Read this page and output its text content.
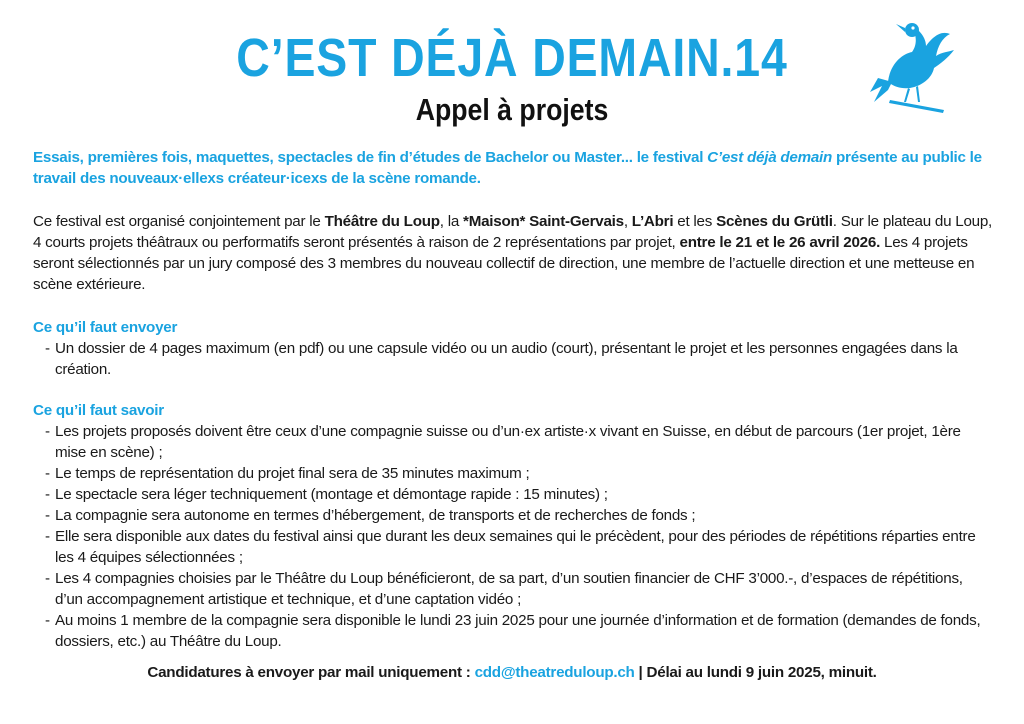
C’EST DÉJÀ DEMAIN.14
Appel à projets

Essais, premières fois, maquettes, spectacles de fin d’études de Bachelor ou Master... le festival C’est déjà demain présente au public le travail des nouveaux·ellexs créateur·icexs de la scène romande.

Ce festival est organisé conjointement par le Théâtre du Loup, la *Maison* Saint-Gervais, L’Abri et les Scènes du Grütli. Sur le plateau du Loup, 4 courts projets théâtraux ou performatifs seront présentés à raison de 2 représentations par projet, entre le 21 et le 26 avril 2026. Les 4 projets seront sélectionnés par un jury composé des 3 membres du nouveau collectif de direction, une membre de l’actuelle direction et une metteuse en scène extérieure.

Ce qu’il faut envoyer

- Un dossier de 4 pages maximum (en pdf) ou une capsule vidéo ou un audio (court), présentant le projet et les personnes engagées dans la création.

Ce qu’il faut savoir

- Les projets proposés doivent être ceux d’une compagnie suisse ou d’un·ex artiste·x vivant en Suisse, en début de parcours (1er projet, 1ère mise en scène) ;
- Le temps de représentation du projet final sera de 35 minutes maximum ;
- Le spectacle sera léger techniquement (montage et démontage rapide : 15 minutes) ;
- La compagnie sera autonome en termes d’hébergement, de transports et de recherches de fonds ;
- Elle sera disponible aux dates du festival ainsi que durant les deux semaines qui le précèdent, pour des périodes de répétitions réparties entre les 4 équipes sélectionnées ;
- Les 4 compagnies choisies par le Théâtre du Loup bénéficieront, de sa part, d’un soutien financier de CHF 3’000.-, d’espaces de répétitions, d’un accompagnement artistique et technique, et d’une captation vidéo ;
- Au moins 1 membre de la compagnie sera disponible le lundi 23 juin 2025 pour une journée d’information et de formation (demandes de fonds, dossiers, etc.) au Théâtre du Loup.
Candidatures à envoyer par mail uniquement : cdd@theatreduloup.ch | Délai au lundi 9 juin 2025, minuit.
